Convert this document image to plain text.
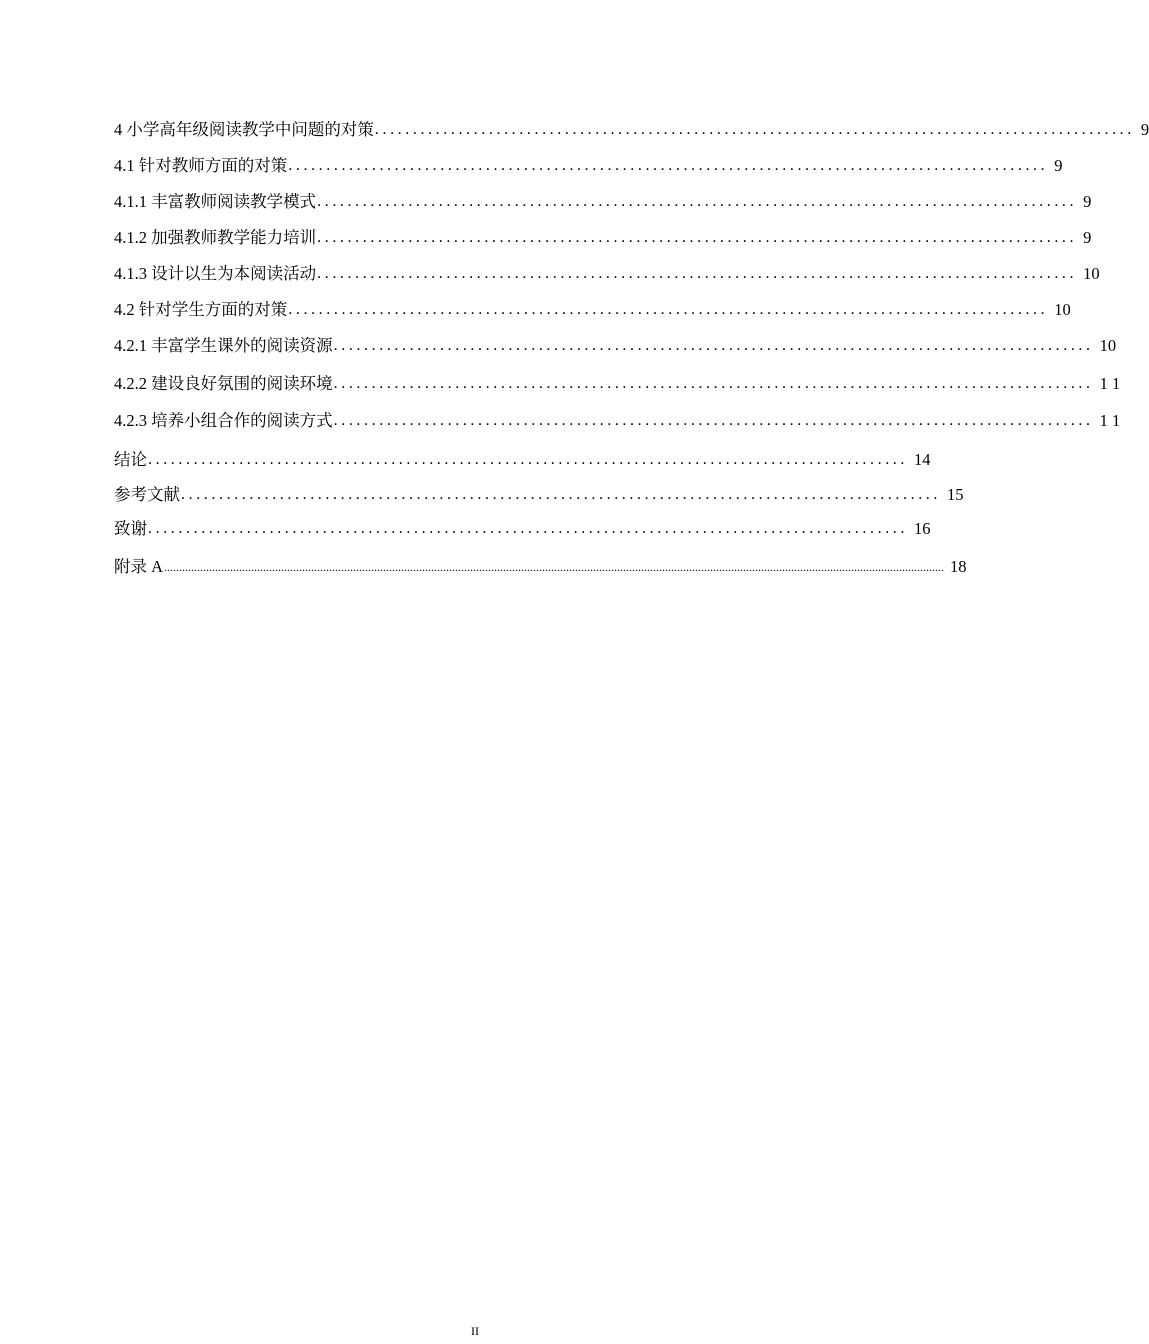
4 小学高年级阅读教学中问题的对策 .................................................................................................... 9
4.1 针对教师方面的对策 .................................................................................................... 9
4.1.1 丰富教师阅读教学模式 .................................................................................................... 9
4.1.2 加强教师教学能力培训 .................................................................................................... 9
4.1.3 设计以生为本阅读活动 .................................................................................................... 10
4.2 针对学生方面的对策 .................................................................................................... 10
4.2.1 丰富学生课外的阅读资源 .................................................................................................... 10
4.2.2 建设良好氛围的阅读环境 .................................................................................................... 1 1
4.2.3 培养小组合作的阅读方式 .................................................................................................... 1 1
结论 .................................................................................................... 14
参考文献 .................................................................................................... 15
致谢 .................................................................................................... 16
附录 A .................................................................................................................................................................................................................................................................... 18
II
